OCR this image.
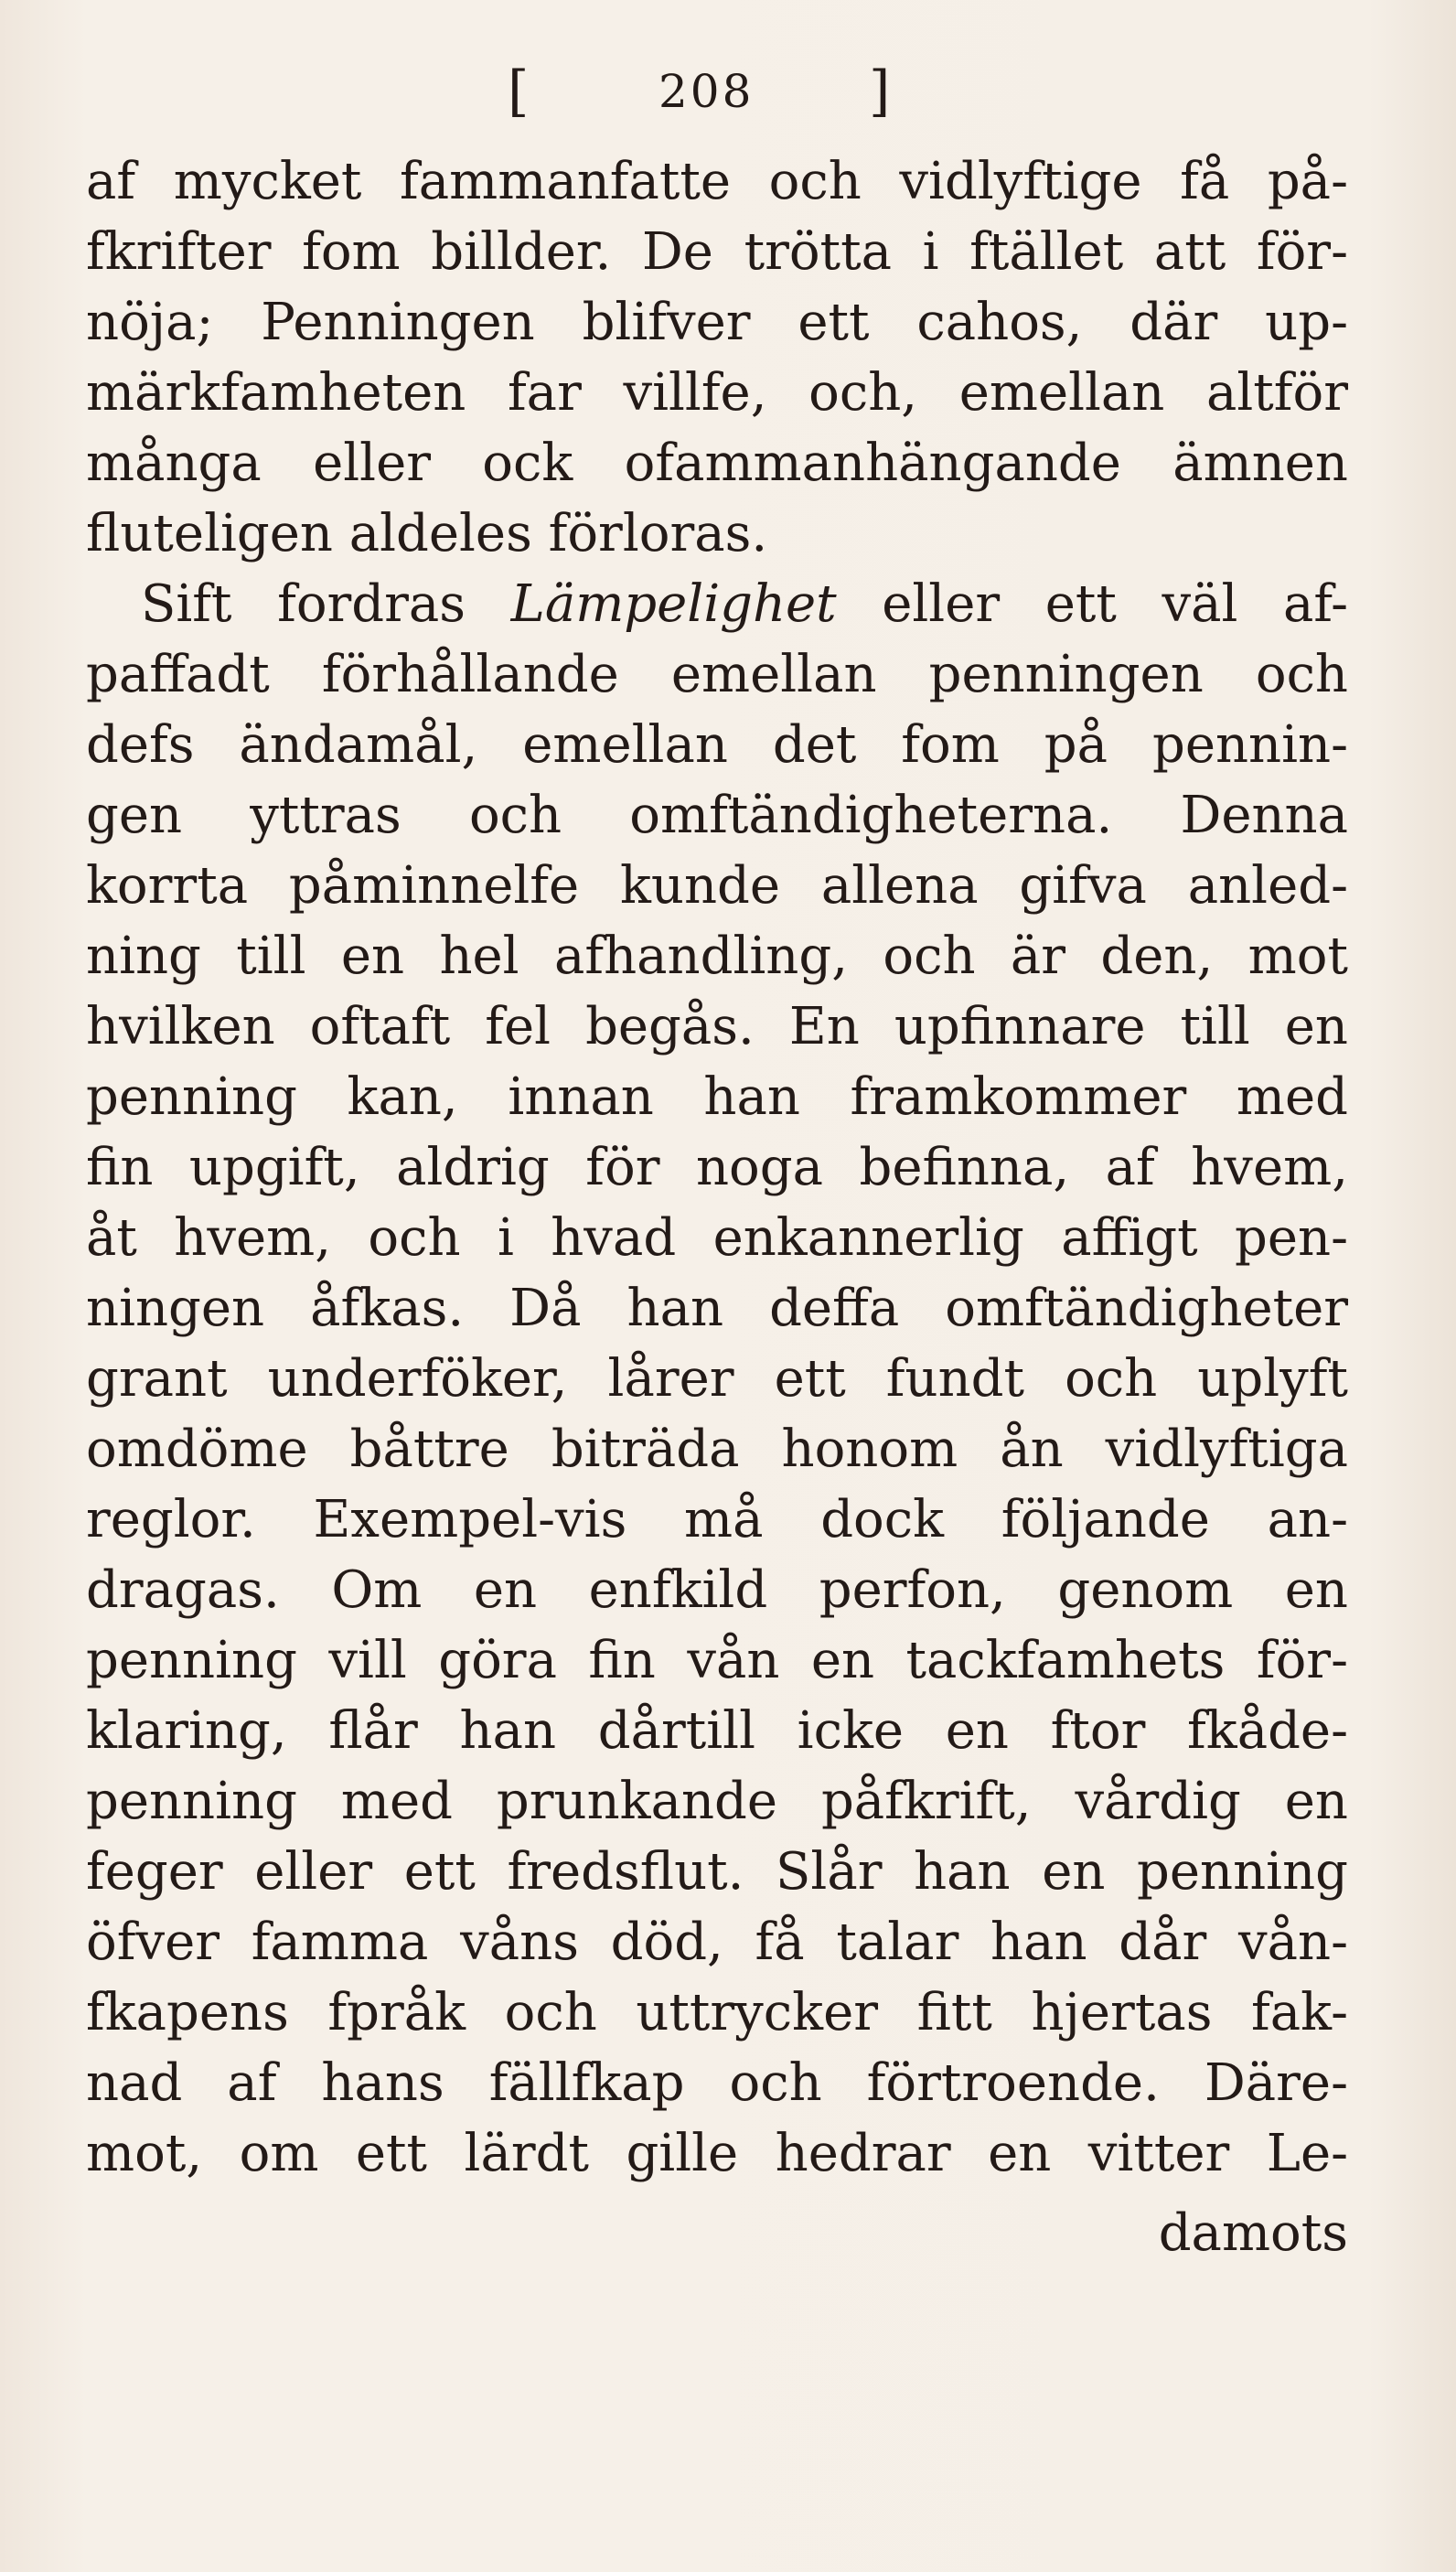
[	208 ]
af mycket fammanfatte och vidlyftige få på-
fkrifter fom billder. De trötta i ftället att för-
nöja; Penningen blifver ett cahos, där up-
märkfamheten far villfe, och, emellan altför
många eller ock ofammanhängande ämnen
flutеligen aldeles förloras.
Sift fordras Lämpelighet eller ett väl af-
paffadt förhållande emellan penningen och
defs ändamål, emellan det fom på pennin-
gen yttras och omftändigheterna. Denna
korrta påminnelfe kunde allena gifva anled-
ning till en hel afhandling, och är den, mot
hvilken oftaft fel begås. En upfinnare till en
penning kan, innan han framkommer med
fin upgift, aldrig för noga befinna, af hvem,
åt hvem, och i hvad enkannerlig affigt pen-
ningen åfkas. Då han deffa omftändigheter
grant underföker, lårer ett fundt och uplyft
omdöme båttre biträda honom ån vidlyftiga
reglor. Exempel-vis må dock följande an-
dragas. Om en enfkild perfon, genom en
penning vill göra fin vån en tackfamhets för-
klaring, flår han dårtill icke en ftor fkåde-
penning med prunkande påfkrift, vårdig en
feger eller ett fredsflut. Slår han en penning
öfver famma våns död, få talar han dår vån-
fkapens fpråk och uttrycker fitt hjertas fak-
nad af hans fällfkap och förtroende. Däre-
mot, om ett lärdt gille hedrar en vitter Le-
damots
